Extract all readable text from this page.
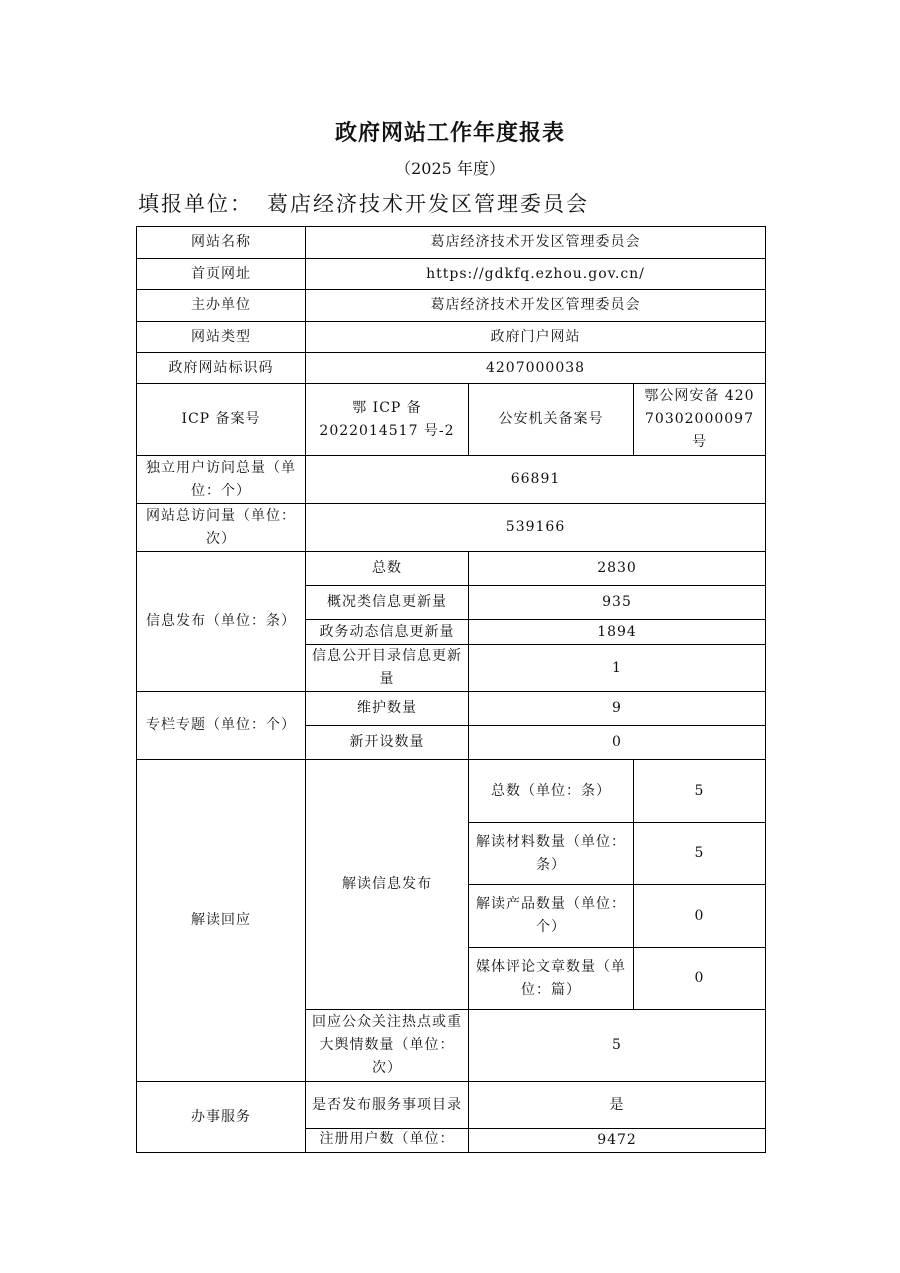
政府网站工作年度报表
（2025 年度）
填报单位： 葛店经济技术开发区管理委员会
网站名称	葛店经济技术开发区管理委员会		
首页网址	https://gdkfq.ezhou.gov.cn/		
主办单位	葛店经济技术开发区管理委员会		
网站类型	政府门户网站		
政府网站标识码	4207000038		
ICP 备案号	鄂 ICP 备 2022014517 号-2	公安机关备案号	鄂公网安备 42070302000097 号
独立用户访问总量（单位：个）	66891		
网站总访问量（单位：次）	539166		
信息发布（单位：条）	总数	2830	
	概况类信息更新量	935	
	政务动态信息更新量	1894	
	信息公开目录信息更新量	1	
专栏专题（单位：个）	维护数量	9	
	新开设数量	0	
解读回应	解读信息发布	总数（单位：条）	5
		解读材料数量（单位：条）	5
		解读产品数量（单位：个）	0
		媒体评论文章数量（单位：篇）	0
	回应公众关注热点或重大舆情数量（单位：次）	5	
办事服务	是否发布服务事项目录	是	
	注册用户数（单位：	9472	
